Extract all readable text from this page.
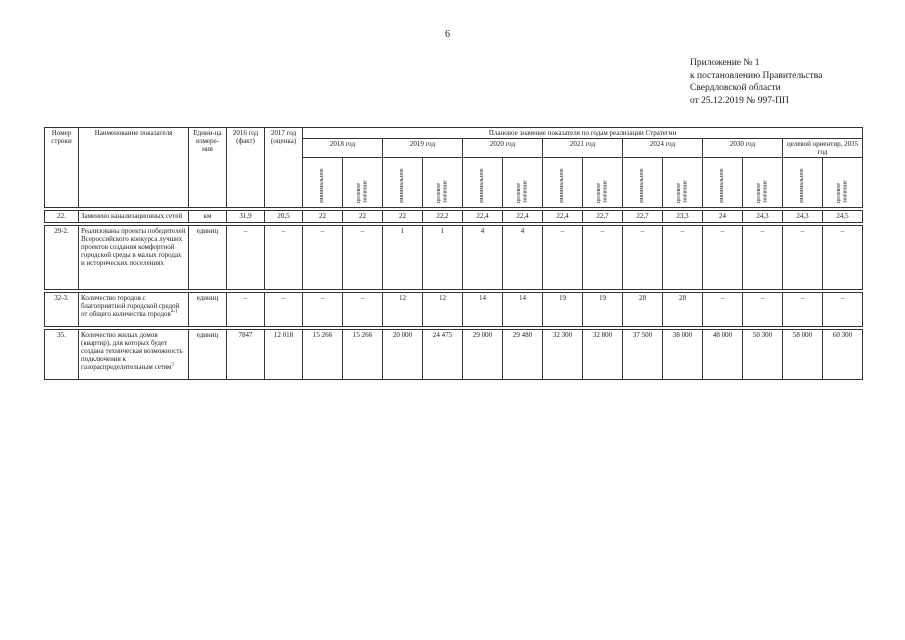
6
Приложение № 1
к постановлению Правительства
Свердловской области
от 25.12.2019 № 997-ПП
Номер строки	Наименование показателя	Едини-ца измере-ния	2016 год (факт)	2017 год (оценка)	Плановое значение показателя по годам реализации Стратегии													
					2018 год		2019 год		2020 год		2021 год		2024 год		2030 год		целевой ориентир, 2035 год	
					минимальное	целевое значение	минимальное	целевое значение	минимальное	целевое значение	минимальное	целевое значение	минимальное	целевое значение	минимальное	целевое значение	минимальное	целевое значение

22.	Заменено канализационных сетей	км	31,9	20,5	22	22	22	22,2	22,4	22,4	22,4	22,7	22,7	23,3	24	24,3	24,3	24,5

29-2.	Реализованы проекты победителей Всероссийского конкурса лучших проектов создания комфортной городской среды в малых городах и исторических поселениях	единиц	–	–	–	–	1	1	4	4	–	–	–	–	–	–	–	–

32-3.	Количество городов с благоприятной городской средой от общего количества городов$^{4-1}$	единиц	–	–	–	–	12	12	14	14	19	19	28	28	–	–	–	–

35.	Количество жилых домов (квартир), для которых будет создана техническая возможность подключения к газораспределительным сетям$^5$	единиц	7847	12 018	15 266	15 266	20 000	24 475	29 000	29 480	32 300	32 800	37 500	38 000	48 000	50 300	58 000	60 300
